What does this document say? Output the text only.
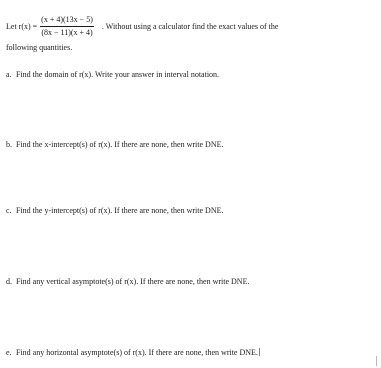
Let $r(x) = \frac{(x + 4)(13x - 5)}{(8x - 11)(x + 4)}$ . Without using a calculator find the exact values of the
following quantities.
a. Find the domain of r(x). Write your answer in interval notation.
b. Find the x-intercept(s) of r(x). If there are none, then write DNE.
c. Find the y-intercept(s) of r(x). If there are none, then write DNE.
d. Find any vertical asymptote(s) of r(x). If there are none, then write DNE.
e. Find any horizontal asymptote(s) of r(x). If there are none, then write DNE.
